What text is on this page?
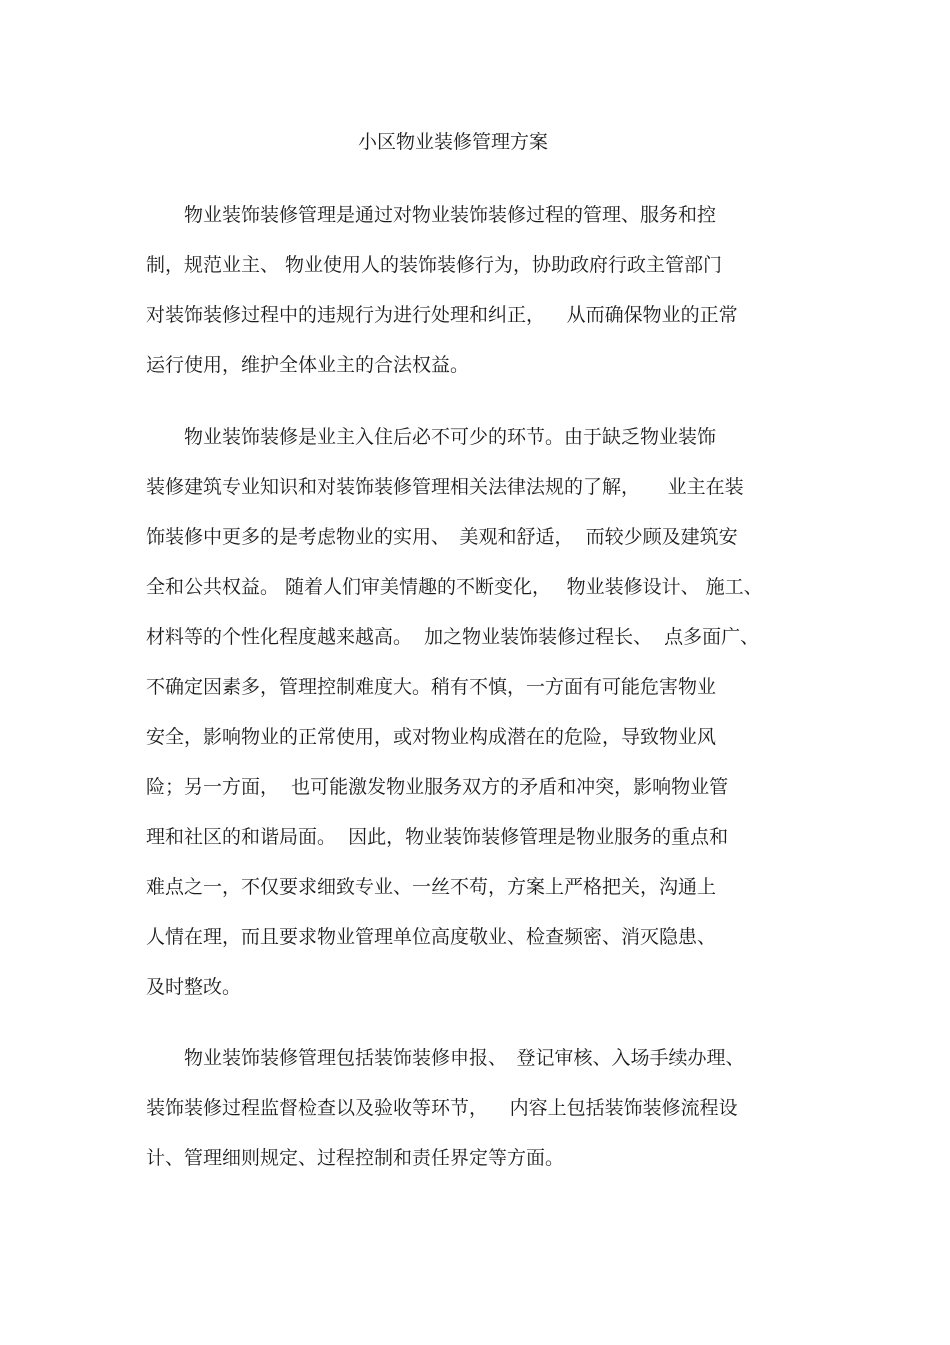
小区物业装修管理方案
　　物业装饰装修管理是通过对物业装饰装修过程的管理、服务和控
制，规范业主、 物业使用人的装饰装修行为，协助政府行政主管部门
对装饰装修过程中的违规行为进行处理和纠正，　  从而确保物业的正常
运行使用，维护全体业主的合法权益。
　　物业装饰装修是业主入住后必不可少的环节。由于缺乏物业装饰
装修建筑专业知识和对装饰装修管理相关法律法规的了解，　   业主在装
饰装修中更多的是考虑物业的实用、　美观和舒适，  而较少顾及建筑安
全和公共权益。 随着人们审美情趣的不断变化，　 物业装修设计、 施工、
材料等的个性化程度越来越高。  加之物业装饰装修过程长、  点多面广、
不确定因素多，管理控制难度大。稍有不慎，一方面有可能危害物业
安全，影响物业的正常使用，或对物业构成潜在的危险，导致物业风
险；另一方面，  也可能激发物业服务双方的矛盾和冲突，影响物业管
理和社区的和谐局面。  因此，物业装饰装修管理是物业服务的重点和
难点之一，不仅要求细致专业、一丝不苟，方案上严格把关，沟通上
人情在理，而且要求物业管理单位高度敬业、检查频密、消灭隐患、
及时整改。
　　物业装饰装修管理包括装饰装修申报、　登记审核、入场手续办理、
装饰装修过程监督检查以及验收等环节，　  内容上包括装饰装修流程设
计、管理细则规定、过程控制和责任界定等方面。
